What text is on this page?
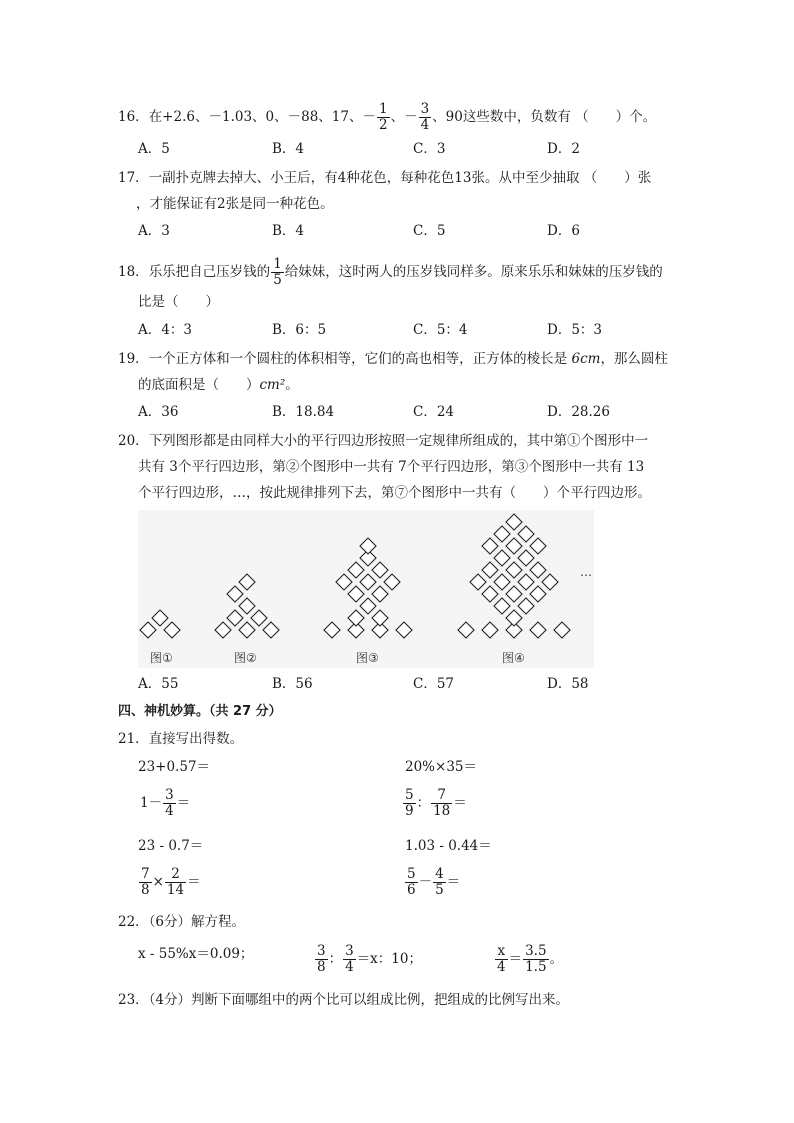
16．在+2.6、－1.03、0、－88、17、－ $\frac{1}{2}$ 、－ $\frac{3}{4}$ 、90这些数中，负数有 （　　）个。
A．5	B．4	C．3	D．2
17．一副扑克牌去掉大、小王后，有4种花色，每种花色13张。从中至少抽取 （　　）张
，才能保证有2张是同一种花色。
A．3	B．4	C．5	D．6
18．乐乐把自己压岁钱的 $\frac{1}{5}$ 给妹妹，这时两人的压岁钱同样多。原来乐乐和妹妹的压岁钱的
比是（　　）
A．4：3	B．6：5	C．5：4	D．5：3
19．一个正方体和一个圆柱的体积相等，它们的高也相等，正方体的棱长是 6cm，那么圆柱
的底面积是（　　）cm²。
A．36	B．18.84	C．24	D．28.26
20．下列图形都是由同样大小的平行四边形按照一定规律所组成的，其中第①个图形中一
共有 3个平行四边形，第②个图形中一共有 7个平行四边形，第③个图形中一共有 13
个平行四边形，…，按此规律排列下去，第⑦个图形中一共有（　　）个平行四边形。
图①	图②	图③	图④
…
A．55	B．56	C．57	D．58
四、神机妙算。（共 27 分）
21．直接写出得数。
23+0.57＝	20%×35＝
$1- \frac{3}{4}$ ＝	$\frac{5}{9}$ ： $\frac{7}{18}$ ＝
23 - 0.7＝	1.03 - 0.44＝
$\frac{7}{8} \times \frac{2}{14}$ ＝	$\frac{5}{6} - \frac{4}{5}$ ＝
22．（6分）解方程。
x - 55%x＝0.09；	$\frac{3}{8}$ ： $\frac{3}{4} =x$：10；	$\frac{x}{4} = \frac{3.5}{1.5}$ 。
23．（4分）判断下面哪组中的两个比可以组成比例，把组成的比例写出来。
